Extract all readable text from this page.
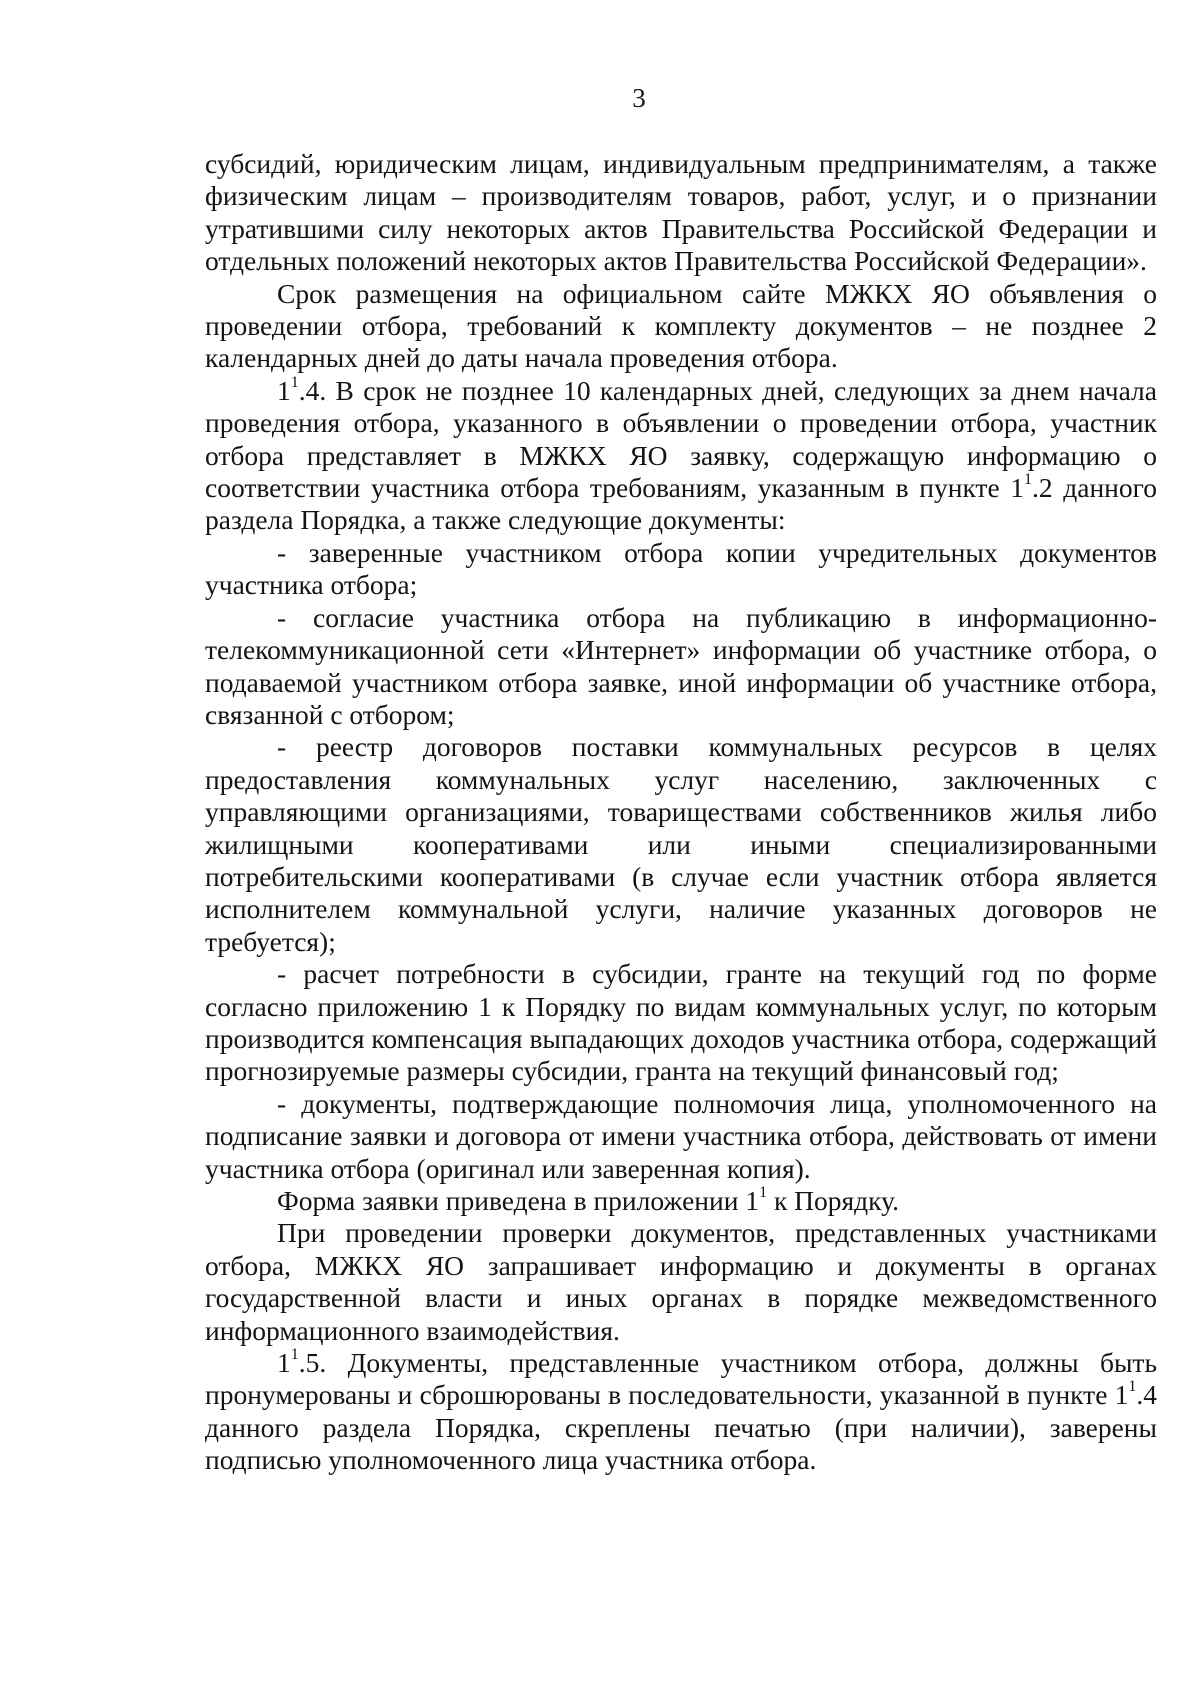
3

субсидий, юридическим лицам, индивидуальным предпринимателям, а также физическим лицам – производителям товаров, работ, услуг, и о признании утратившими силу некоторых актов Правительства Российской Федерации и отдельных положений некоторых актов Правительства Российской Федерации».

Срок размещения на официальном сайте МЖКХ ЯО объявления о проведении отбора, требований к комплекту документов – не позднее 2 календарных дней до даты начала проведения отбора.

$1^1.4$. В срок не позднее 10 календарных дней, следующих за днем начала проведения отбора, указанного в объявлении о проведении отбора, участник отбора представляет в МЖКХ ЯО заявку, содержащую информацию о соответствии участника отбора требованиям, указанным в пункте $1^1.2$ данного раздела Порядка, а также следующие документы:

- заверенные участником отбора копии учредительных документов участника отбора;

- согласие участника отбора на публикацию в информационно-телекоммуникационной сети «Интернет» информации об участнике отбора, о подаваемой участником отбора заявке, иной информации об участнике отбора, связанной с отбором;

- реестр договоров поставки коммунальных ресурсов в целях предоставления коммунальных услуг населению, заключенных с управляющими организациями, товариществами собственников жилья либо жилищными кооперативами или иными специализированными потребительскими кооперативами (в случае если участник отбора является исполнителем коммунальной услуги, наличие указанных договоров не требуется);

- расчет потребности в субсидии, гранте на текущий год по форме согласно приложению 1 к Порядку по видам коммунальных услуг, по которым производится компенсация выпадающих доходов участника отбора, содержащий прогнозируемые размеры субсидии, гранта на текущий финансовый год;

- документы, подтверждающие полномочия лица, уполномоченного на подписание заявки и договора от имени участника отбора, действовать от имени участника отбора (оригинал или заверенная копия).

Форма заявки приведена в приложении $1^1$ к Порядку.

При проведении проверки документов, представленных участниками отбора, МЖКХ ЯО запрашивает информацию и документы в органах государственной власти и иных органах в порядке межведомственного информационного взаимодействия.

$1^1.5$. Документы, представленные участником отбора, должны быть пронумерованы и сброшюрованы в последовательности, указанной в пункте $1^1.4$ данного раздела Порядка, скреплены печатью (при наличии), заверены подписью уполномоченного лица участника отбора.
